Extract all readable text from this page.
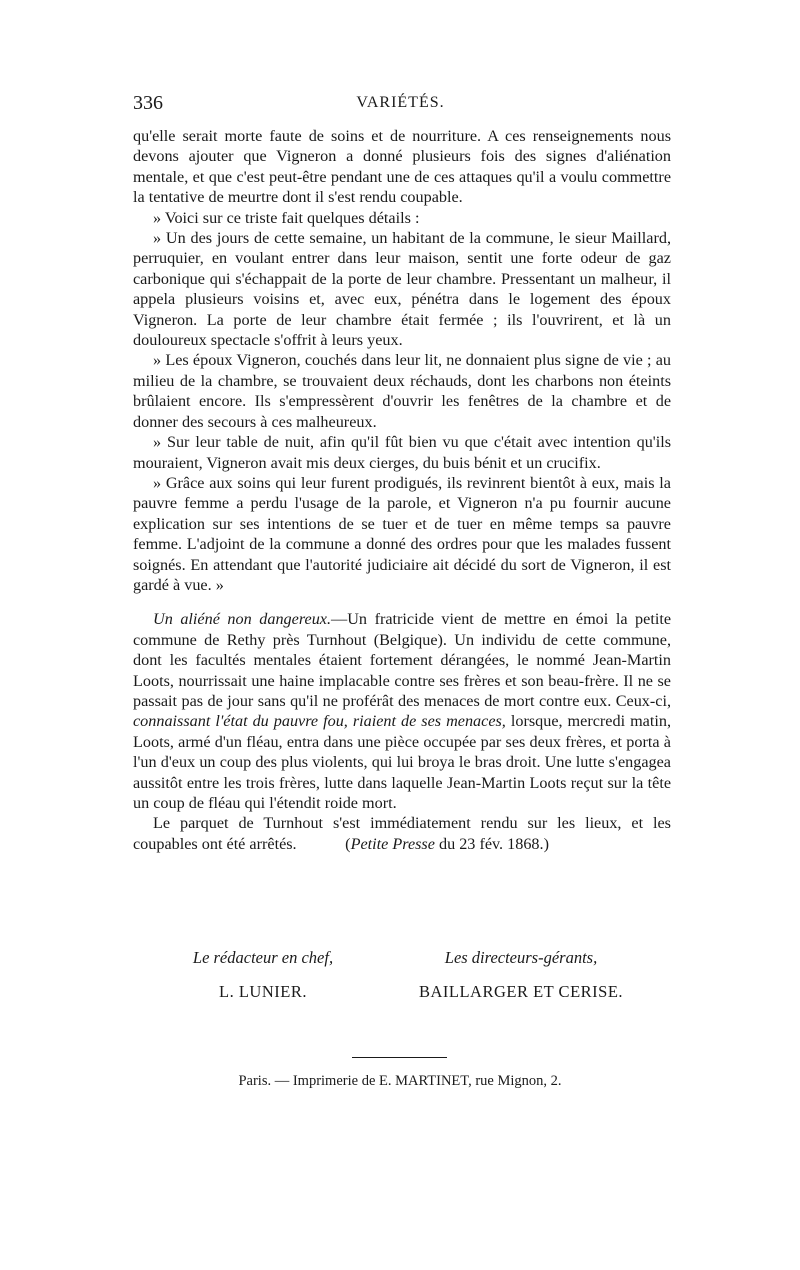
336	VARIÉTÉS.

qu'elle serait morte faute de soins et de nourriture. A ces renseignements nous devons ajouter que Vigneron a donné plusieurs fois des signes d'aliénation mentale, et que c'est peut-être pendant une de ces attaques qu'il a voulu commettre la tentative de meurtre dont il s'est rendu coupable.

» Voici sur ce triste fait quelques détails :

» Un des jours de cette semaine, un habitant de la commune, le sieur Maillard, perruquier, en voulant entrer dans leur maison, sentit une forte odeur de gaz carbonique qui s'échappait de la porte de leur chambre. Pressentant un malheur, il appela plusieurs voisins et, avec eux, pénétra dans le logement des époux Vigneron. La porte de leur chambre était fermée ; ils l'ouvrirent, et là un douloureux spectacle s'offrit à leurs yeux.

» Les époux Vigneron, couchés dans leur lit, ne donnaient plus signe de vie ; au milieu de la chambre, se trouvaient deux réchauds, dont les charbons non éteints brûlaient encore. Ils s'empressèrent d'ouvrir les fenêtres de la chambre et de donner des secours à ces malheureux.

» Sur leur table de nuit, afin qu'il fût bien vu que c'était avec intention qu'ils mouraient, Vigneron avait mis deux cierges, du buis bénit et un crucifix.

» Grâce aux soins qui leur furent prodigués, ils revinrent bientôt à eux, mais la pauvre femme a perdu l'usage de la parole, et Vigneron n'a pu fournir aucune explication sur ses intentions de se tuer et de tuer en même temps sa pauvre femme. L'adjoint de la commune a donné des ordres pour que les malades fussent soignés. En attendant que l'autorité judiciaire ait décidé du sort de Vigneron, il est gardé à vue. »

Un aliéné non dangereux.—Un fratricide vient de mettre en émoi la petite commune de Rethy près Turnhout (Belgique). Un individu de cette commune, dont les facultés mentales étaient fortement dérangées, le nommé Jean-Martin Loots, nourrissait une haine implacable contre ses frères et son beau-frère. Il ne se passait pas de jour sans qu'il ne proférât des menaces de mort contre eux. Ceux-ci, connaissant l'état du pauvre fou, riaient de ses menaces, lorsque, mercredi matin, Loots, armé d'un fléau, entra dans une pièce occupée par ses deux frères, et porta à l'un d'eux un coup des plus violents, qui lui broya le bras droit. Une lutte s'engagea aussitôt entre les trois frères, lutte dans laquelle Jean-Martin Loots reçut sur la tête un coup de fléau qui l'étendit roide mort.

Le parquet de Turnhout s'est immédiatement rendu sur les lieux, et les coupables ont été arrêtés.   	(Petite Presse du 23 fév. 1868.)

Le rédacteur en chef,
L. LUNIER.
Les directeurs-gérants,
BAILLARGER ET CERISE.
Paris. — Imprimerie de E. MARTINET, rue Mignon, 2.
